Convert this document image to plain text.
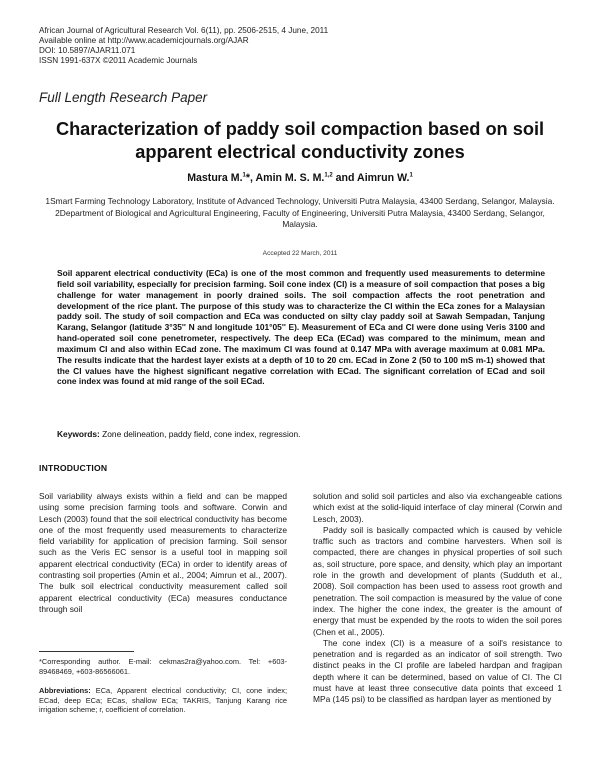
African Journal of Agricultural Research Vol. 6(11), pp. 2506-2515, 4 June, 2011
Available online at http://www.academicjournals.org/AJAR
DOI: 10.5897/AJAR11.071
ISSN 1991-637X ©2011 Academic Journals
Full Length Research Paper
Characterization of paddy soil compaction based on soil apparent electrical conductivity zones
Mastura M.$^1$*, Amin M. S. M.$^{1,2}$ and Aimrun W.$^1$

1Smart Farming Technology Laboratory, Institute of Advanced Technology, Universiti Putra Malaysia, 43400 Serdang, Selangor, Malaysia.

2Department of Biological and Agricultural Engineering, Faculty of Engineering, Universiti Putra Malaysia, 43400 Serdang, Selangor, Malaysia.

Accepted 22 March, 2011
Soil apparent electrical conductivity (ECa) is one of the most common and frequently used measurements to determine field soil variability, especially for precision farming. Soil cone index (CI) is a measure of soil compaction that poses a big challenge for water management in poorly drained soils. The soil compaction affects the root penetration and development of the rice plant. The purpose of this study was to characterize the CI within the ECa zones for a Malaysian paddy soil. The study of soil compaction and ECa was conducted on silty clay paddy soil at Sawah Sempadan, Tanjung Karang, Selangor (latitude 3°35'' N and longitude 101°05'' E). Measurement of ECa and CI were done using Veris 3100 and hand-operated soil cone penetrometer, respectively. The deep ECa (ECad) was compared to the minimum, mean and maximum CI and also within ECad zone. The maximum CI was found at 0.147 MPa with average maximum at 0.081 MPa. The results indicate that the hardest layer exists at a depth of 10 to 20 cm. ECad in Zone 2 (50 to 100 mS m-1) showed that the CI values have the highest significant negative correlation with ECad. The significant correlation of ECad and soil cone index was found at mid range of the soil ECad.
Keywords: Zone delineation, paddy field, cone index, regression.
INTRODUCTION

Soil variability always exists within a field and can be mapped using some precision farming tools and software. Corwin and Lesch (2003) found that the soil electrical conductivity has become one of the most frequently used measurements to characterize field variability for application of precision farming. Soil sensor such as the Veris EC sensor is a useful tool in mapping soil apparent electrical conductivity (ECa) in order to identify areas of contrasting soil properties (Amin et al., 2004; Aimrun et al., 2007). The bulk soil electrical conductivity measurement called soil apparent electrical conductivity (ECa) measures conductance through soil

solution and solid soil particles and also via exchangeable cations which exist at the solid-liquid interface of clay mineral (Corwin and Lesch, 2003).

Paddy soil is basically compacted which is caused by vehicle traffic such as tractors and combine harvesters. When soil is compacted, there are changes in physical properties of soil such as, soil structure, pore space, and density, which play an important role in the growth and development of plants (Sudduth et al., 2008). Soil compaction has been used to assess root growth and penetration. The soil compaction is measured by the value of cone index. The higher the cone index, the greater is the amount of energy that must be expended by the roots to widen the soil pores (Chen et al., 2005).

The cone index (CI) is a measure of a soil's resistance to penetration and is regarded as an indicator of soil strength. Two distinct peaks in the CI profile are labeled hardpan and fragipan depth where it can be determined, based on value of CI. The CI must have at least three consecutive data points that exceed 1 MPa (145 psi) to be classified as hardpan layer as mentioned by

*Corresponding author. E-mail: cekmas2ra@yahoo.com. Tel: +603-89468469, +603-86566061.
Abbreviations: ECa, Apparent electrical conductivity; CI, cone index; ECad, deep ECa; ECas, shallow ECa; TAKRIS, Tanjung Karang rice irrigation scheme; r, coefficient of correlation.
